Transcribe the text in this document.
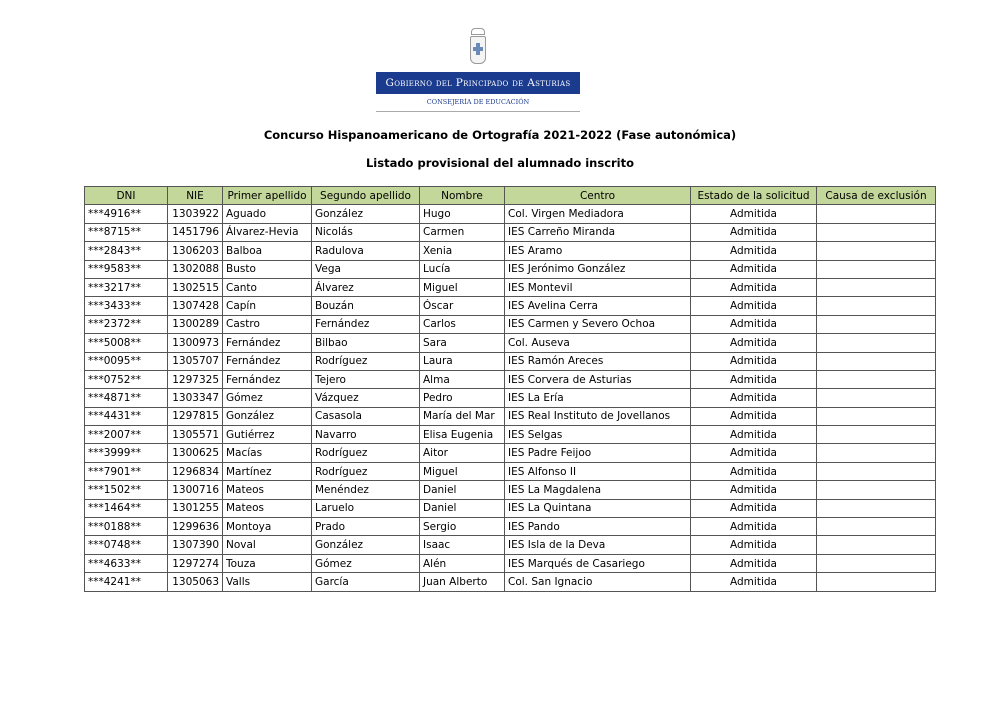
Gobierno del Principado de Asturias
CONSEJERÍA DE EDUCACIÓN
Concurso Hispanoamericano de Ortografía 2021-2022 (Fase autonómica)
Listado provisional del alumnado inscrito
DNI	NIE	Primer apellido	Segundo apellido	Nombre	Centro	Estado de la solicitud	Causa de exclusión
***4916**	1303922	Aguado	González	Hugo	Col. Virgen Mediadora	Admitida	
***8715**	1451796	Álvarez-Hevia	Nicolás	Carmen	IES Carreño Miranda	Admitida	
***2843**	1306203	Balboa	Radulova	Xenia	IES Aramo	Admitida	
***9583**	1302088	Busto	Vega	Lucía	IES Jerónimo González	Admitida	
***3217**	1302515	Canto	Álvarez	Miguel	IES Montevil	Admitida	
***3433**	1307428	Capín	Bouzán	Óscar	IES Avelina Cerra	Admitida	
***2372**	1300289	Castro	Fernández	Carlos	IES Carmen y Severo Ochoa	Admitida	
***5008**	1300973	Fernández	Bilbao	Sara	Col. Auseva	Admitida	
***0095**	1305707	Fernández	Rodríguez	Laura	IES Ramón Areces	Admitida	
***0752**	1297325	Fernández	Tejero	Alma	IES Corvera de Asturias	Admitida	
***4871**	1303347	Gómez	Vázquez	Pedro	IES La Ería	Admitida	
***4431**	1297815	González	Casasola	María del Mar	IES Real Instituto de Jovellanos	Admitida	
***2007**	1305571	Gutiérrez	Navarro	Elisa Eugenia	IES Selgas	Admitida	
***3999**	1300625	Macías	Rodríguez	Aitor	IES Padre Feijoo	Admitida	
***7901**	1296834	Martínez	Rodríguez	Miguel	IES Alfonso II	Admitida	
***1502**	1300716	Mateos	Menéndez	Daniel	IES La Magdalena	Admitida	
***1464**	1301255	Mateos	Laruelo	Daniel	IES La Quintana	Admitida	
***0188**	1299636	Montoya	Prado	Sergio	IES Pando	Admitida	
***0748**	1307390	Noval	González	Isaac	IES Isla de la Deva	Admitida	
***4633**	1297274	Touza	Gómez	Alén	IES Marqués de Casariego	Admitida	
***4241**	1305063	Valls	García	Juan Alberto	Col. San Ignacio	Admitida	
